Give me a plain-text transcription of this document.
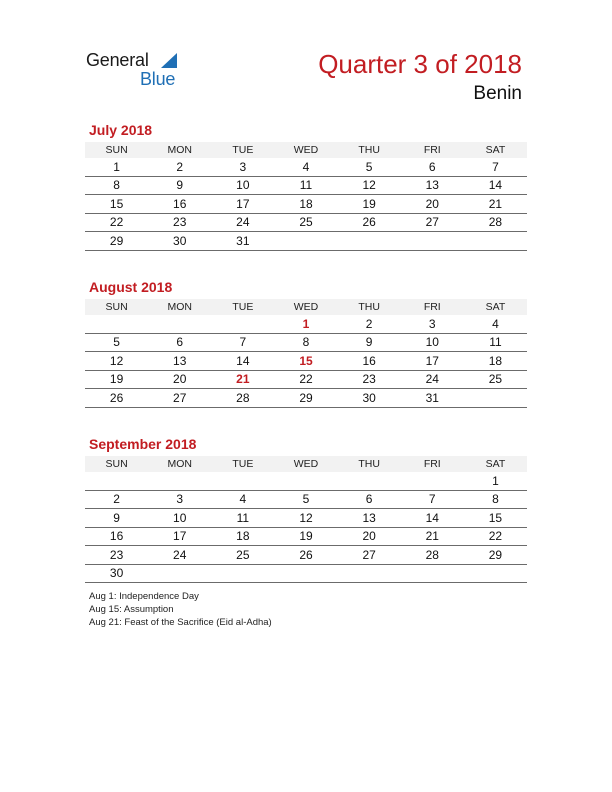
General
Blue	Quarter 3 of 2018
Benin
July 2018
SUN	MON	TUE	WED	THU	FRI	SAT
1	2	3	4	5	6	7
8	9	10	11	12	13	14
15	16	17	18	19	20	21
22	23	24	25	26	27	28
29	30	31				
August 2018
SUN	MON	TUE	WED	THU	FRI	SAT
			1	2	3	4
5	6	7	8	9	10	11
12	13	14	15	16	17	18
19	20	21	22	23	24	25
26	27	28	29	30	31	
September 2018
SUN	MON	TUE	WED	THU	FRI	SAT
						1
2	3	4	5	6	7	8
9	10	11	12	13	14	15
16	17	18	19	20	21	22
23	24	25	26	27	28	29
30						
Aug 1: Independence Day
Aug 15: Assumption
Aug 21: Feast of the Sacrifice (Eid al-Adha)
